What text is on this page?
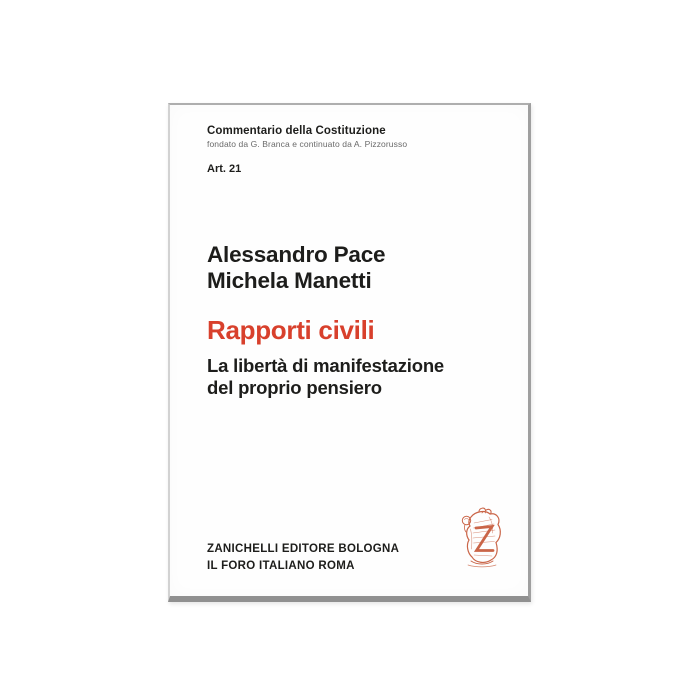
Commentario della Costituzione
fondato da G. Branca e continuato da A. Pizzorusso
Art. 21
Alessandro Pace
Michela Manetti
Rapporti civili
La libertà di manifestazione
del proprio pensiero
ZANICHELLI EDITORE BOLOGNA
IL FORO ITALIANO ROMA
